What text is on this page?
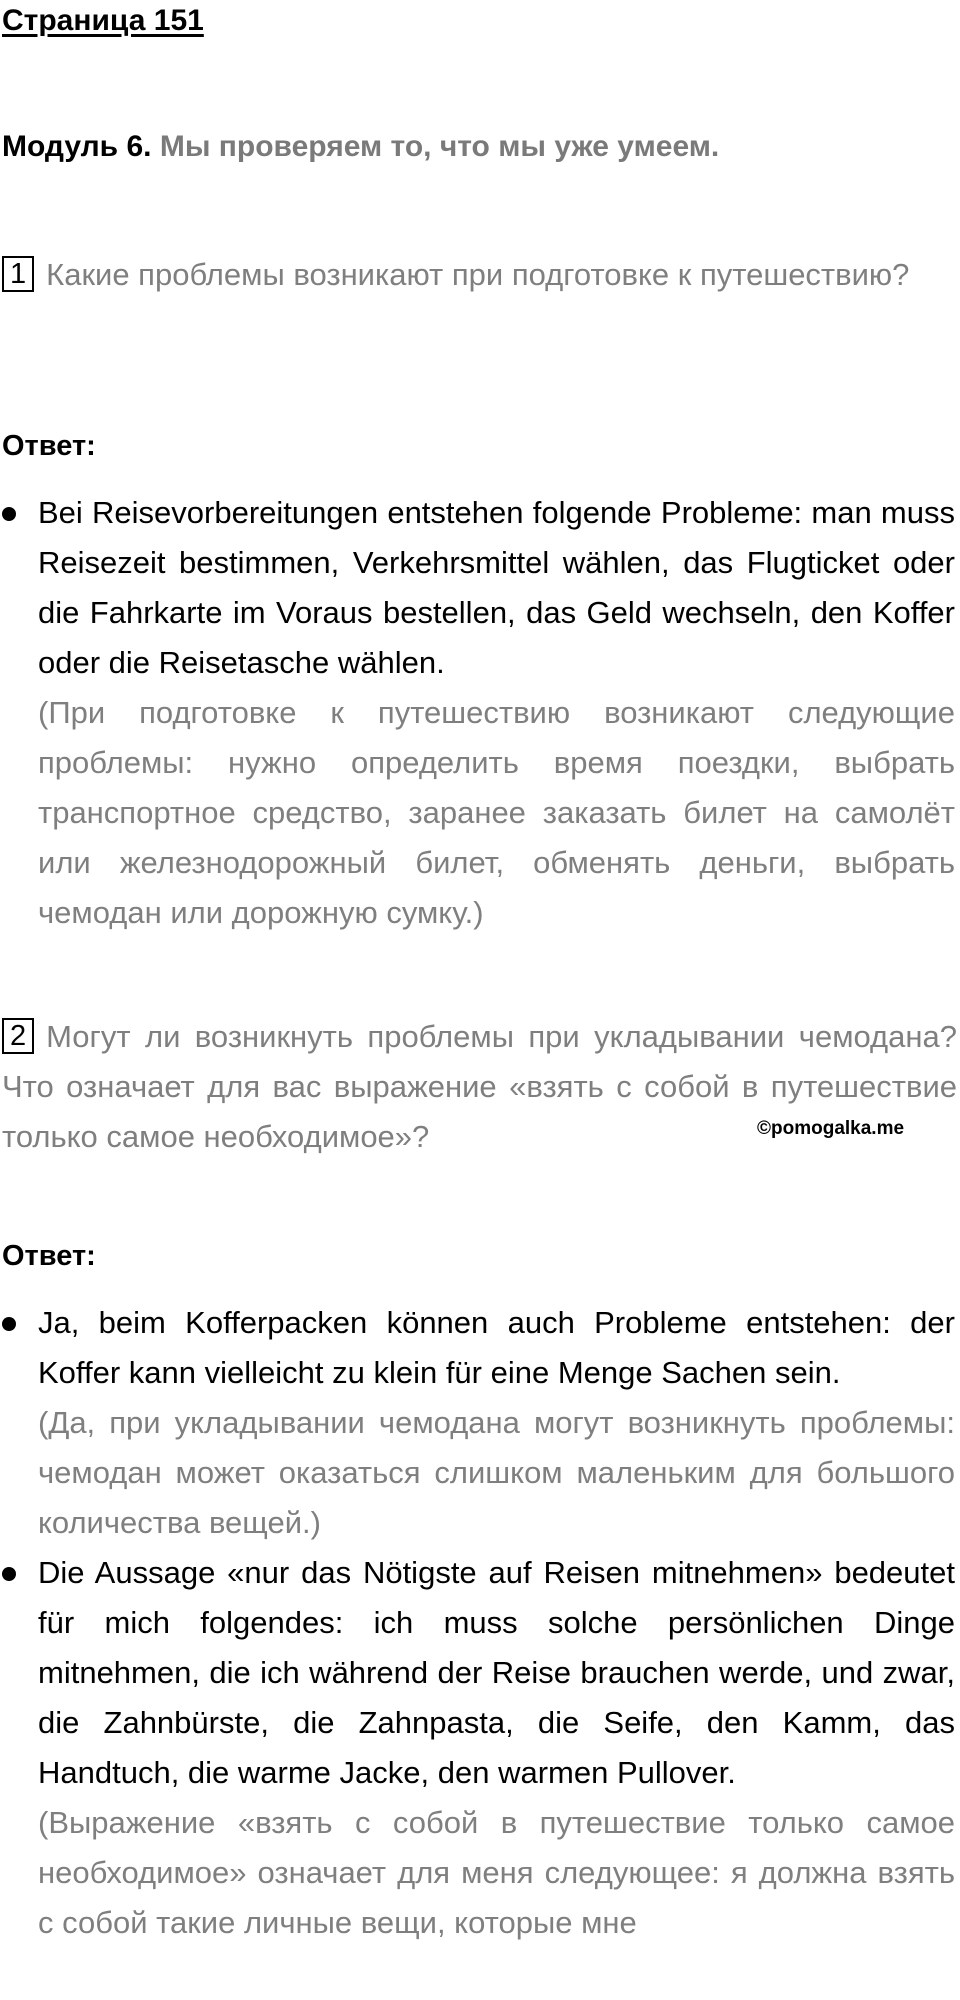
Страница 151
Модуль 6. Мы проверяем то, что мы уже умеем.

1 Какие проблемы возникают при подготовке к путешествию?

Ответ:

Bei Reisevorbereitungen entstehen folgende Probleme: man muss Reisezeit bestimmen, Verkehrsmittel wählen, das Flugticket oder die Fahrkarte im Voraus bestellen, das Geld wechseln, den Koffer oder die Reisetasche wählen.

(При подготовке к путешествию возникают следующие проблемы: нужно определить время поездки, выбрать транспортное средство, заранее заказать билет на самолёт или железнодорожный билет, обменять деньги, выбрать чемодан или дорожную сумку.)

2 Могут ли возникнуть проблемы при укладывании чемодана? Что означает для вас выражение «взять с собой в путешествие только самое необходимое»?	©pomogalka.me

Ответ:

Ja, beim Kofferpacken können auch Probleme entstehen: der Koffer kann vielleicht zu klein für eine Menge Sachen sein.

(Да, при укладывании чемодана могут возникнуть проблемы: чемодан может оказаться слишком маленьким для большого количества вещей.)

Die Aussage «nur das Nötigste auf Reisen mitnehmen» bedeutet für mich folgendes: ich muss solche persönlichen Dinge mitnehmen, die ich während der Reise brauchen werde, und zwar, die Zahnbürste, die Zahnpasta, die Seife, den Kamm, das Handtuch, die warme Jacke, den warmen Pullover.

(Выражение «взять с собой в путешествие только самое необходимое» означает для меня следующее: я должна взять с собой такие личные вещи, которые мне
